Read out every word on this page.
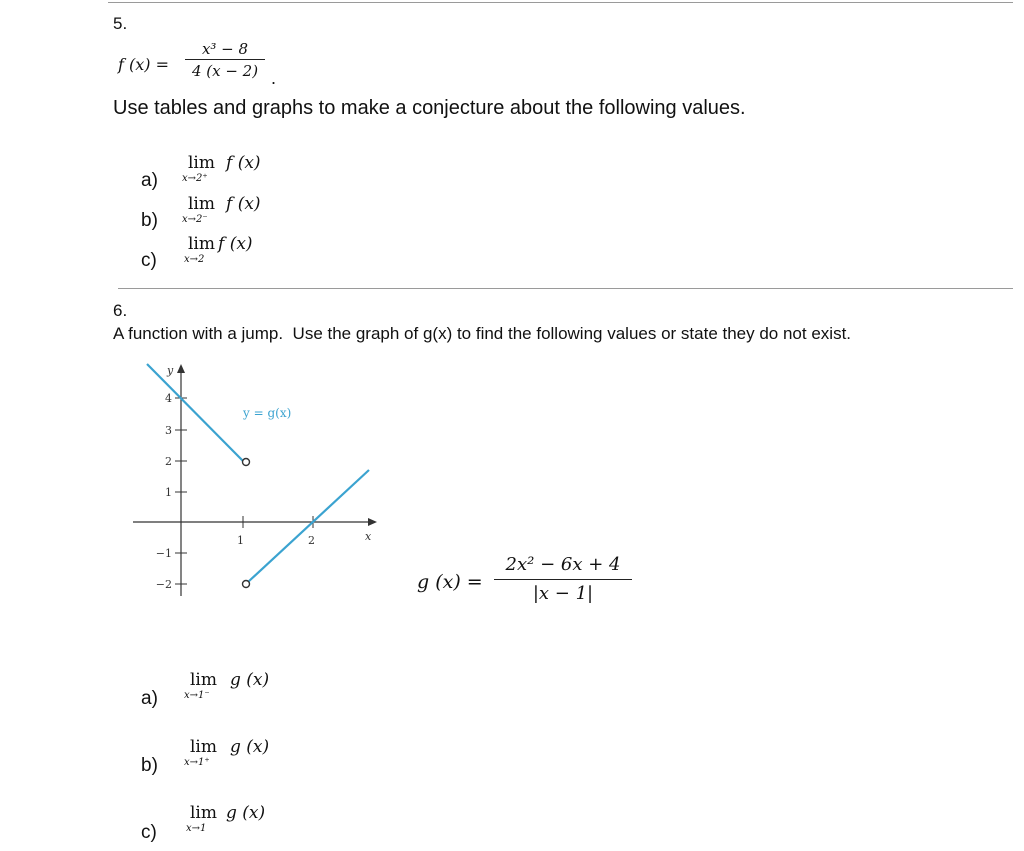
5.
f (x) =
x³ − 8
4 (x − 2) .
Use tables and graphs to make a conjecture about the following values.
a)
lim
x→2⁺
f (x)
b)
lim
x→2⁻
f (x)
c)
lim
x→2
f (x)
6.
A function with a jump.  Use the graph of g(x) to find the following values or state they do not exist.
4
3
2
1
−1
−2
1	2	x
y
y = g(x)
g (x) =
2x² − 6x + 4
|x − 1|
a)
lim
x→1⁻
g (x)
b)
lim
x→1⁺
g (x)
c)
lim
x→1
g (x)
